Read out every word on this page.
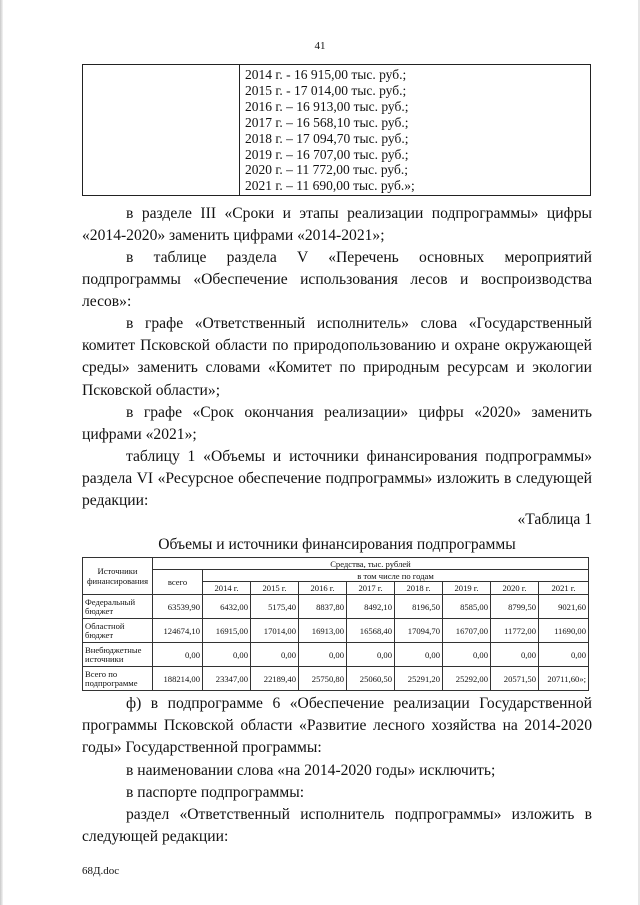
41
2014 г. - 16 915,00 тыс. руб.;
2015 г. - 17 014,00 тыс. руб.;
2016 г. – 16 913,00 тыс. руб.;
2017 г. – 16 568,10 тыс. руб.;
2018 г. – 17 094,70 тыс. руб.;
2019 г. – 16 707,00 тыс. руб.;
2020 г. – 11 772,00 тыс. руб.;
2021 г. – 11 690,00 тыс. руб.»;
в разделе III «Сроки и этапы реализации подпрограммы» цифры «2014-2020» заменить цифрами «2014-2021»;
в таблице раздела V «Перечень основных мероприятий
подпрограммы «Обеспечение использования лесов и воспроизводства лесов»:
в графе «Ответственный исполнитель» слова «Государственный комитет Псковской области по природопользованию и охране окружающей среды» заменить словами «Комитет по природным ресурсам и экологии Псковской области»;
в графе «Срок окончания реализации» цифры «2020» заменить цифрами «2021»;
таблицу 1 «Объемы и источники финансирования подпрограммы» раздела VI «Ресурсное обеспечение подпрограммы» изложить в следующей редакции:
«Таблица 1
Объемы и источники финансирования подпрограммы
Источники финансирования	Средства, тыс. рублей								
	всего	в том числе по годам							
		2014 г.	2015 г.	2016 г.	2017 г.	2018 г.	2019 г.	2020 г.	2021 г.
Федеральный бюджет	63539,90	6432,00	5175,40	8837,80	8492,10	8196,50	8585,00	8799,50	9021,60
Областной бюджет	124674,10	16915,00	17014,00	16913,00	16568,40	17094,70	16707,00	11772,00	11690,00
Внебюджетные источники	0,00	0,00	0,00	0,00	0,00	0,00	0,00	0,00	0,00
Всего по подпрограмме	188214,00	23347,00	22189,40	25750,80	25060,50	25291,20	25292,00	20571,50	20711,60»;
ф) в подпрограмме 6 «Обеспечение реализации Государственной программы Псковской области «Развитие лесного хозяйства на 2014-2020 годы» Государственной программы:
в наименовании слова «на 2014-2020 годы» исключить;
в паспорте подпрограммы:
раздел «Ответственный исполнитель подпрограммы» изложить в следующей редакции:
68Д.doc
